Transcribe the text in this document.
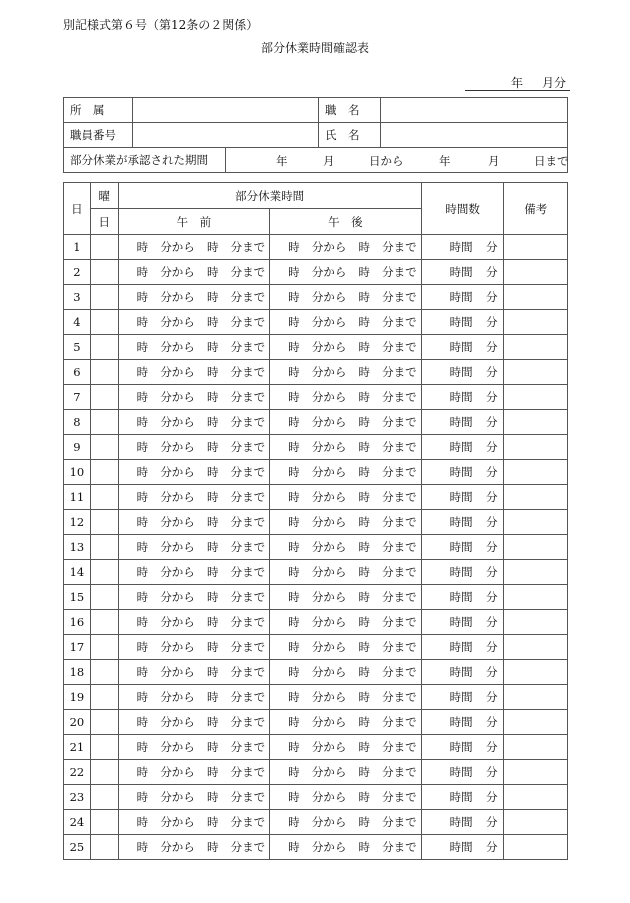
別記様式第６号（第12条の２関係）
部分休業時間確認表
年 月分
所　属		職　名	
職員番号		氏　名	
部分休業が承認された期間	年	月	日から	年	月	日まで
日	曜	部分休業時間		時間数	備考
	日	午　前	午　後		
1		時 分から 時 分まで	時 分から 時 分まで	時間 分	

2		時 分から 時 分まで	時 分から 時 分まで	時間 分	

3		時 分から 時 分まで	時 分から 時 分まで	時間 分	

4		時 分から 時 分まで	時 分から 時 分まで	時間 分	

5		時 分から 時 分まで	時 分から 時 分まで	時間 分	

6		時 分から 時 分まで	時 分から 時 分まで	時間 分	

7		時 分から 時 分まで	時 分から 時 分まで	時間 分	

8		時 分から 時 分まで	時 分から 時 分まで	時間 分	

9		時 分から 時 分まで	時 分から 時 分まで	時間 分	

10		時 分から 時 分まで	時 分から 時 分まで	時間 分	

11		時 分から 時 分まで	時 分から 時 分まで	時間 分	

12		時 分から 時 分まで	時 分から 時 分まで	時間 分	

13		時 分から 時 分まで	時 分から 時 分まで	時間 分	

14		時 分から 時 分まで	時 分から 時 分まで	時間 分	

15		時 分から 時 分まで	時 分から 時 分まで	時間 分	

16		時 分から 時 分まで	時 分から 時 分まで	時間 分	

17		時 分から 時 分まで	時 分から 時 分まで	時間 分	

18		時 分から 時 分まで	時 分から 時 分まで	時間 分	

19		時 分から 時 分まで	時 分から 時 分まで	時間 分	

20		時 分から 時 分まで	時 分から 時 分まで	時間 分	

21		時 分から 時 分まで	時 分から 時 分まで	時間 分	

22		時 分から 時 分まで	時 分から 時 分まで	時間 分	

23		時 分から 時 分まで	時 分から 時 分まで	時間 分	

24		時 分から 時 分まで	時 分から 時 分まで	時間 分	

25		時 分から 時 分まで	時 分から 時 分まで	時間 分	
